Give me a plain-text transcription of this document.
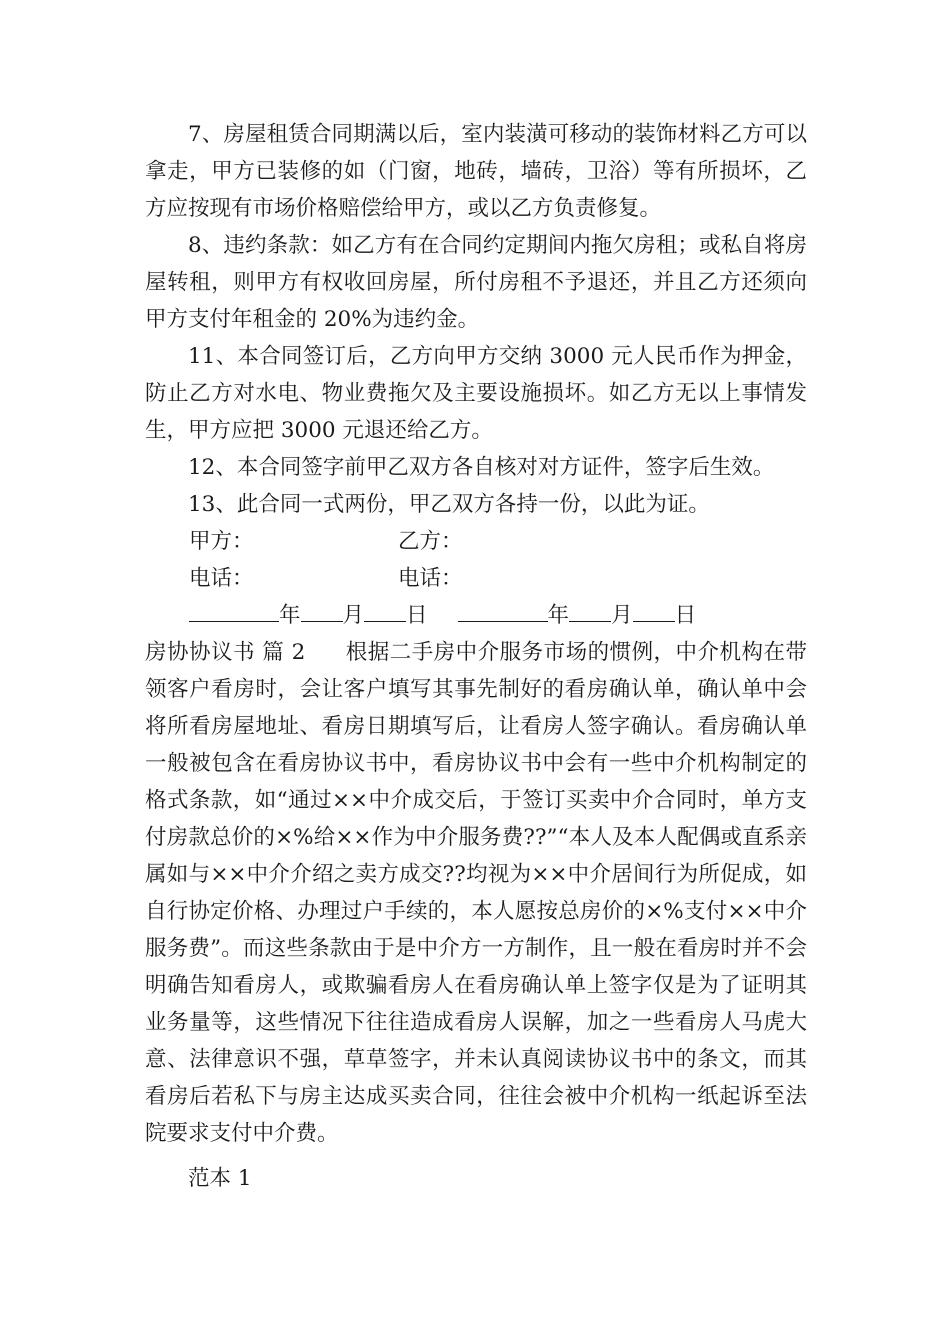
7、房屋租赁合同期满以后，室内装潢可移动的装饰材料乙方可以拿走，甲方已装修的如（门窗，地砖，墙砖，卫浴）等有所损坏，乙方应按现有市场价格赔偿给甲方，或以乙方负责修复。

8、违约条款：如乙方有在合同约定期间内拖欠房租；或私自将房屋转租，则甲方有权收回房屋，所付房租不予退还，并且乙方还须向甲方支付年租金的 20%为违约金。

11、本合同签订后，乙方向甲方交纳 3000 元人民币作为押金，防止乙方对水电、物业费拖欠及主要设施损坏。如乙方无以上事情发生，甲方应把 3000 元退还给乙方。

12、本合同签字前甲乙双方各自核对对方证件，签字后生效。

13、此合同一式两份，甲乙双方各持一份，以此为证。

甲方：	乙方：
电话：	电话：
年 月 日	年 月 日

房协协议书 篇 2 根据二手房中介服务市场的惯例，中介机构在带领客户看房时，会让客户填写其事先制好的看房确认单，确认单中会将所看房屋地址、看房日期填写后，让看房人签字确认。看房确认单一般被包含在看房协议书中，看房协议书中会有一些中介机构制定的格式条款，如“通过××中介成交后，于签订买卖中介合同时，单方支付房款总价的×%给××作为中介服务费??”“本人及本人配偶或直系亲属如与××中介介绍之卖方成交??均视为××中介居间行为所促成，如自行协定价格、办理过户手续的，本人愿按总房价的×%支付××中介服务费”。而这些条款由于是中介方一方制作，且一般在看房时并不会明确告知看房人，或欺骗看房人在看房确认单上签字仅是为了证明其业务量等，这些情况下往往造成看房人误解，加之一些看房人马虎大意、法律意识不强，草草签字，并未认真阅读协议书中的条文，而其看房后若私下与房主达成买卖合同，往往会被中介机构一纸起诉至法院要求支付中介费。

范本 1
